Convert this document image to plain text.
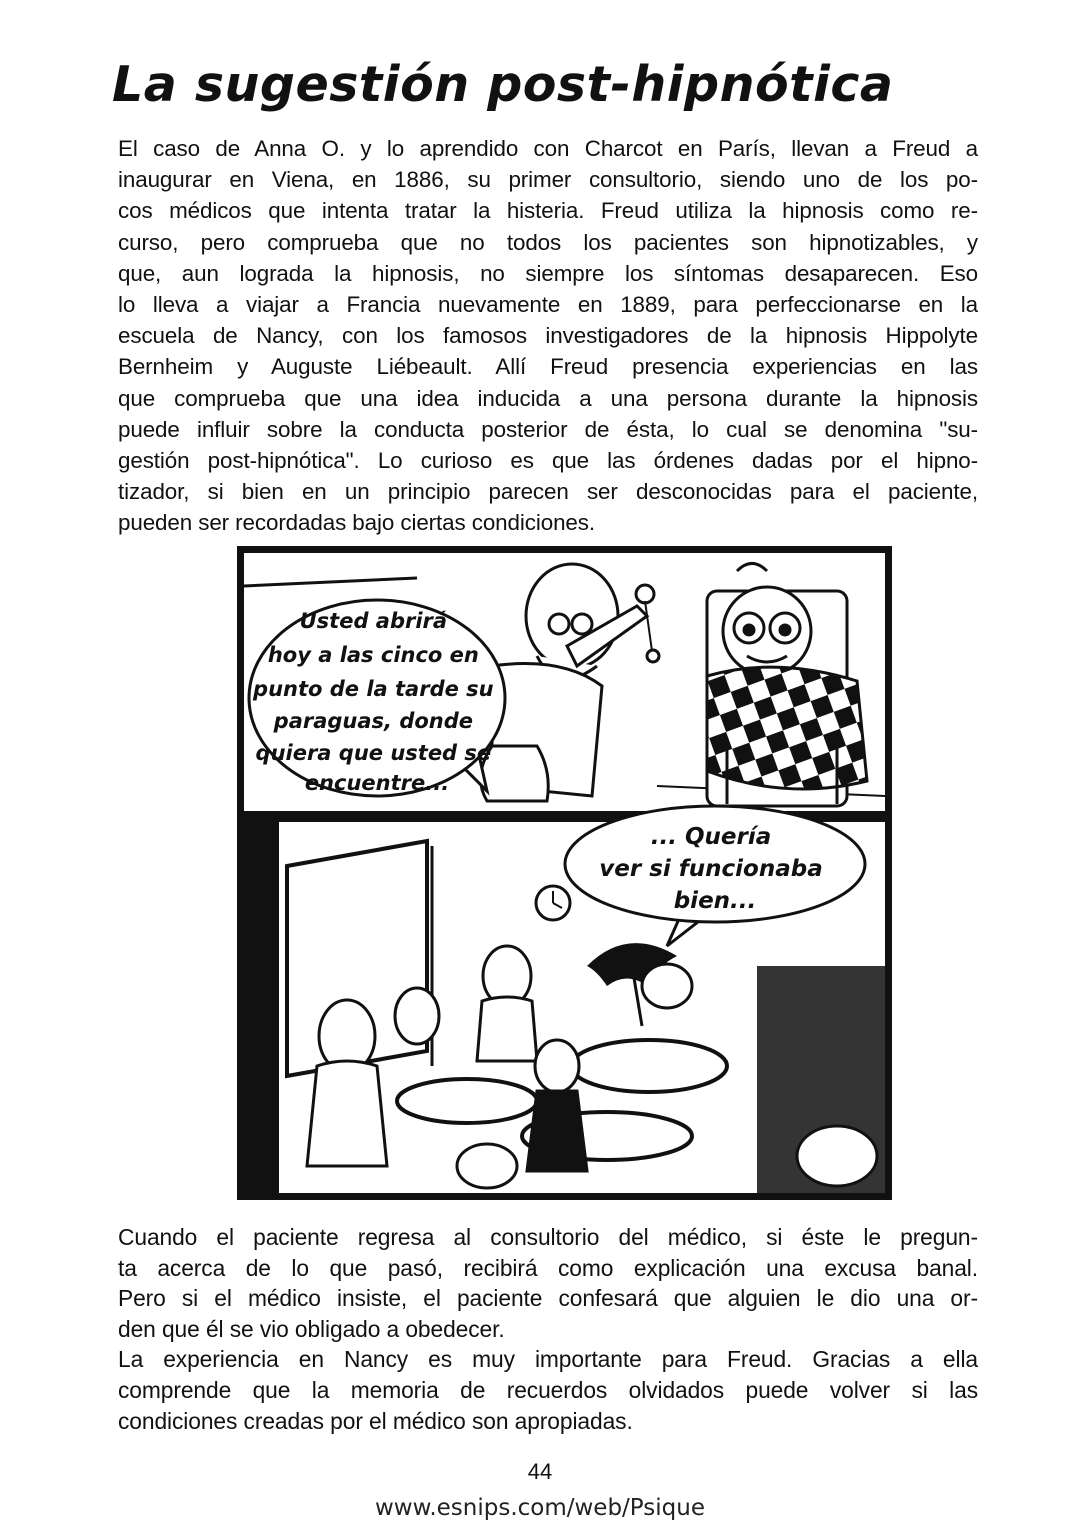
La sugestión post-hipnótica
El caso de Anna O. y lo aprendido con Charcot en París, llevan a Freud a
inaugurar en Viena, en 1886, su primer consultorio, siendo uno de los po-
cos médicos que intenta tratar la histeria. Freud utiliza la hipnosis como re-
curso, pero comprueba que no todos los pacientes son hipnotizables, y
que, aun lograda la hipnosis, no siempre los síntomas desaparecen. Eso
lo lleva a viajar a Francia nuevamente en 1889, para perfeccionarse en la
escuela de Nancy, con los famosos investigadores de la hipnosis Hippolyte
Bernheim y Auguste Liébeault. Allí Freud presencia experiencias en las
que comprueba que una idea inducida a una persona durante la hipnosis
puede influir sobre la conducta posterior de ésta, lo cual se denomina "su-
gestión post-hipnótica". Lo curioso es que las órdenes dadas por el hipno-
tizador, si bien en un principio parecen ser desconocidas para el paciente,
pueden ser recordadas bajo ciertas condiciones.
Usted abrirá hoy a las cinco en punto de la tarde su paraguas, donde quiera que usted se encuentre...
... Quería ver si funcionaba bien...
Cuando el paciente regresa al consultorio del médico, si éste le pregun-
ta acerca de lo que pasó, recibirá como explicación una excusa banal.
Pero si el médico insiste, el paciente confesará que alguien le dio una or-
den que él se vio obligado a obedecer.
La experiencia en Nancy es muy importante para Freud. Gracias a ella
comprende que la memoria de recuerdos olvidados puede volver si las
condiciones creadas por el médico son apropiadas.
44
www.esnips.com/web/Psique
